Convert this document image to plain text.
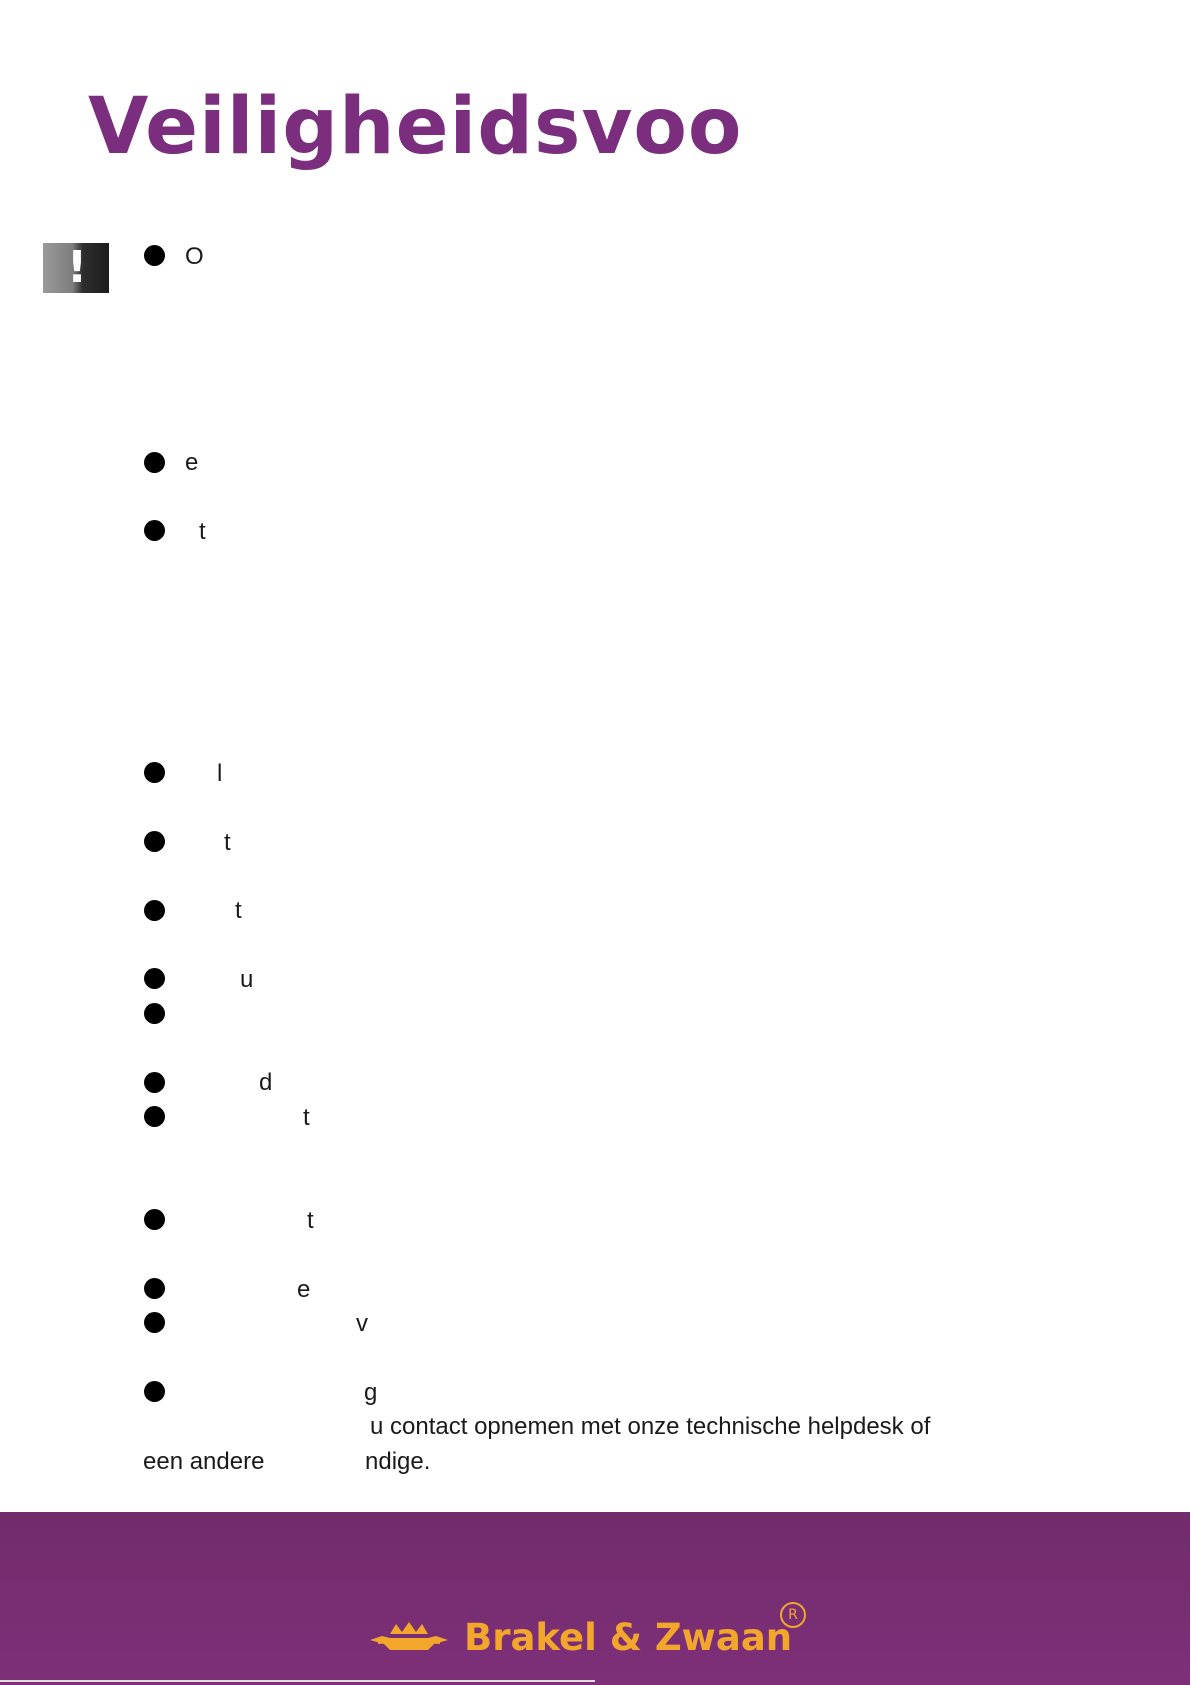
Veiligheidsvoo
!	O
e
t
l
t
t
u
d
t
t
e
v
g
u contact opnemen met onze technische helpdesk of
een andere	ndige.
Brakel & Zwaan
R
